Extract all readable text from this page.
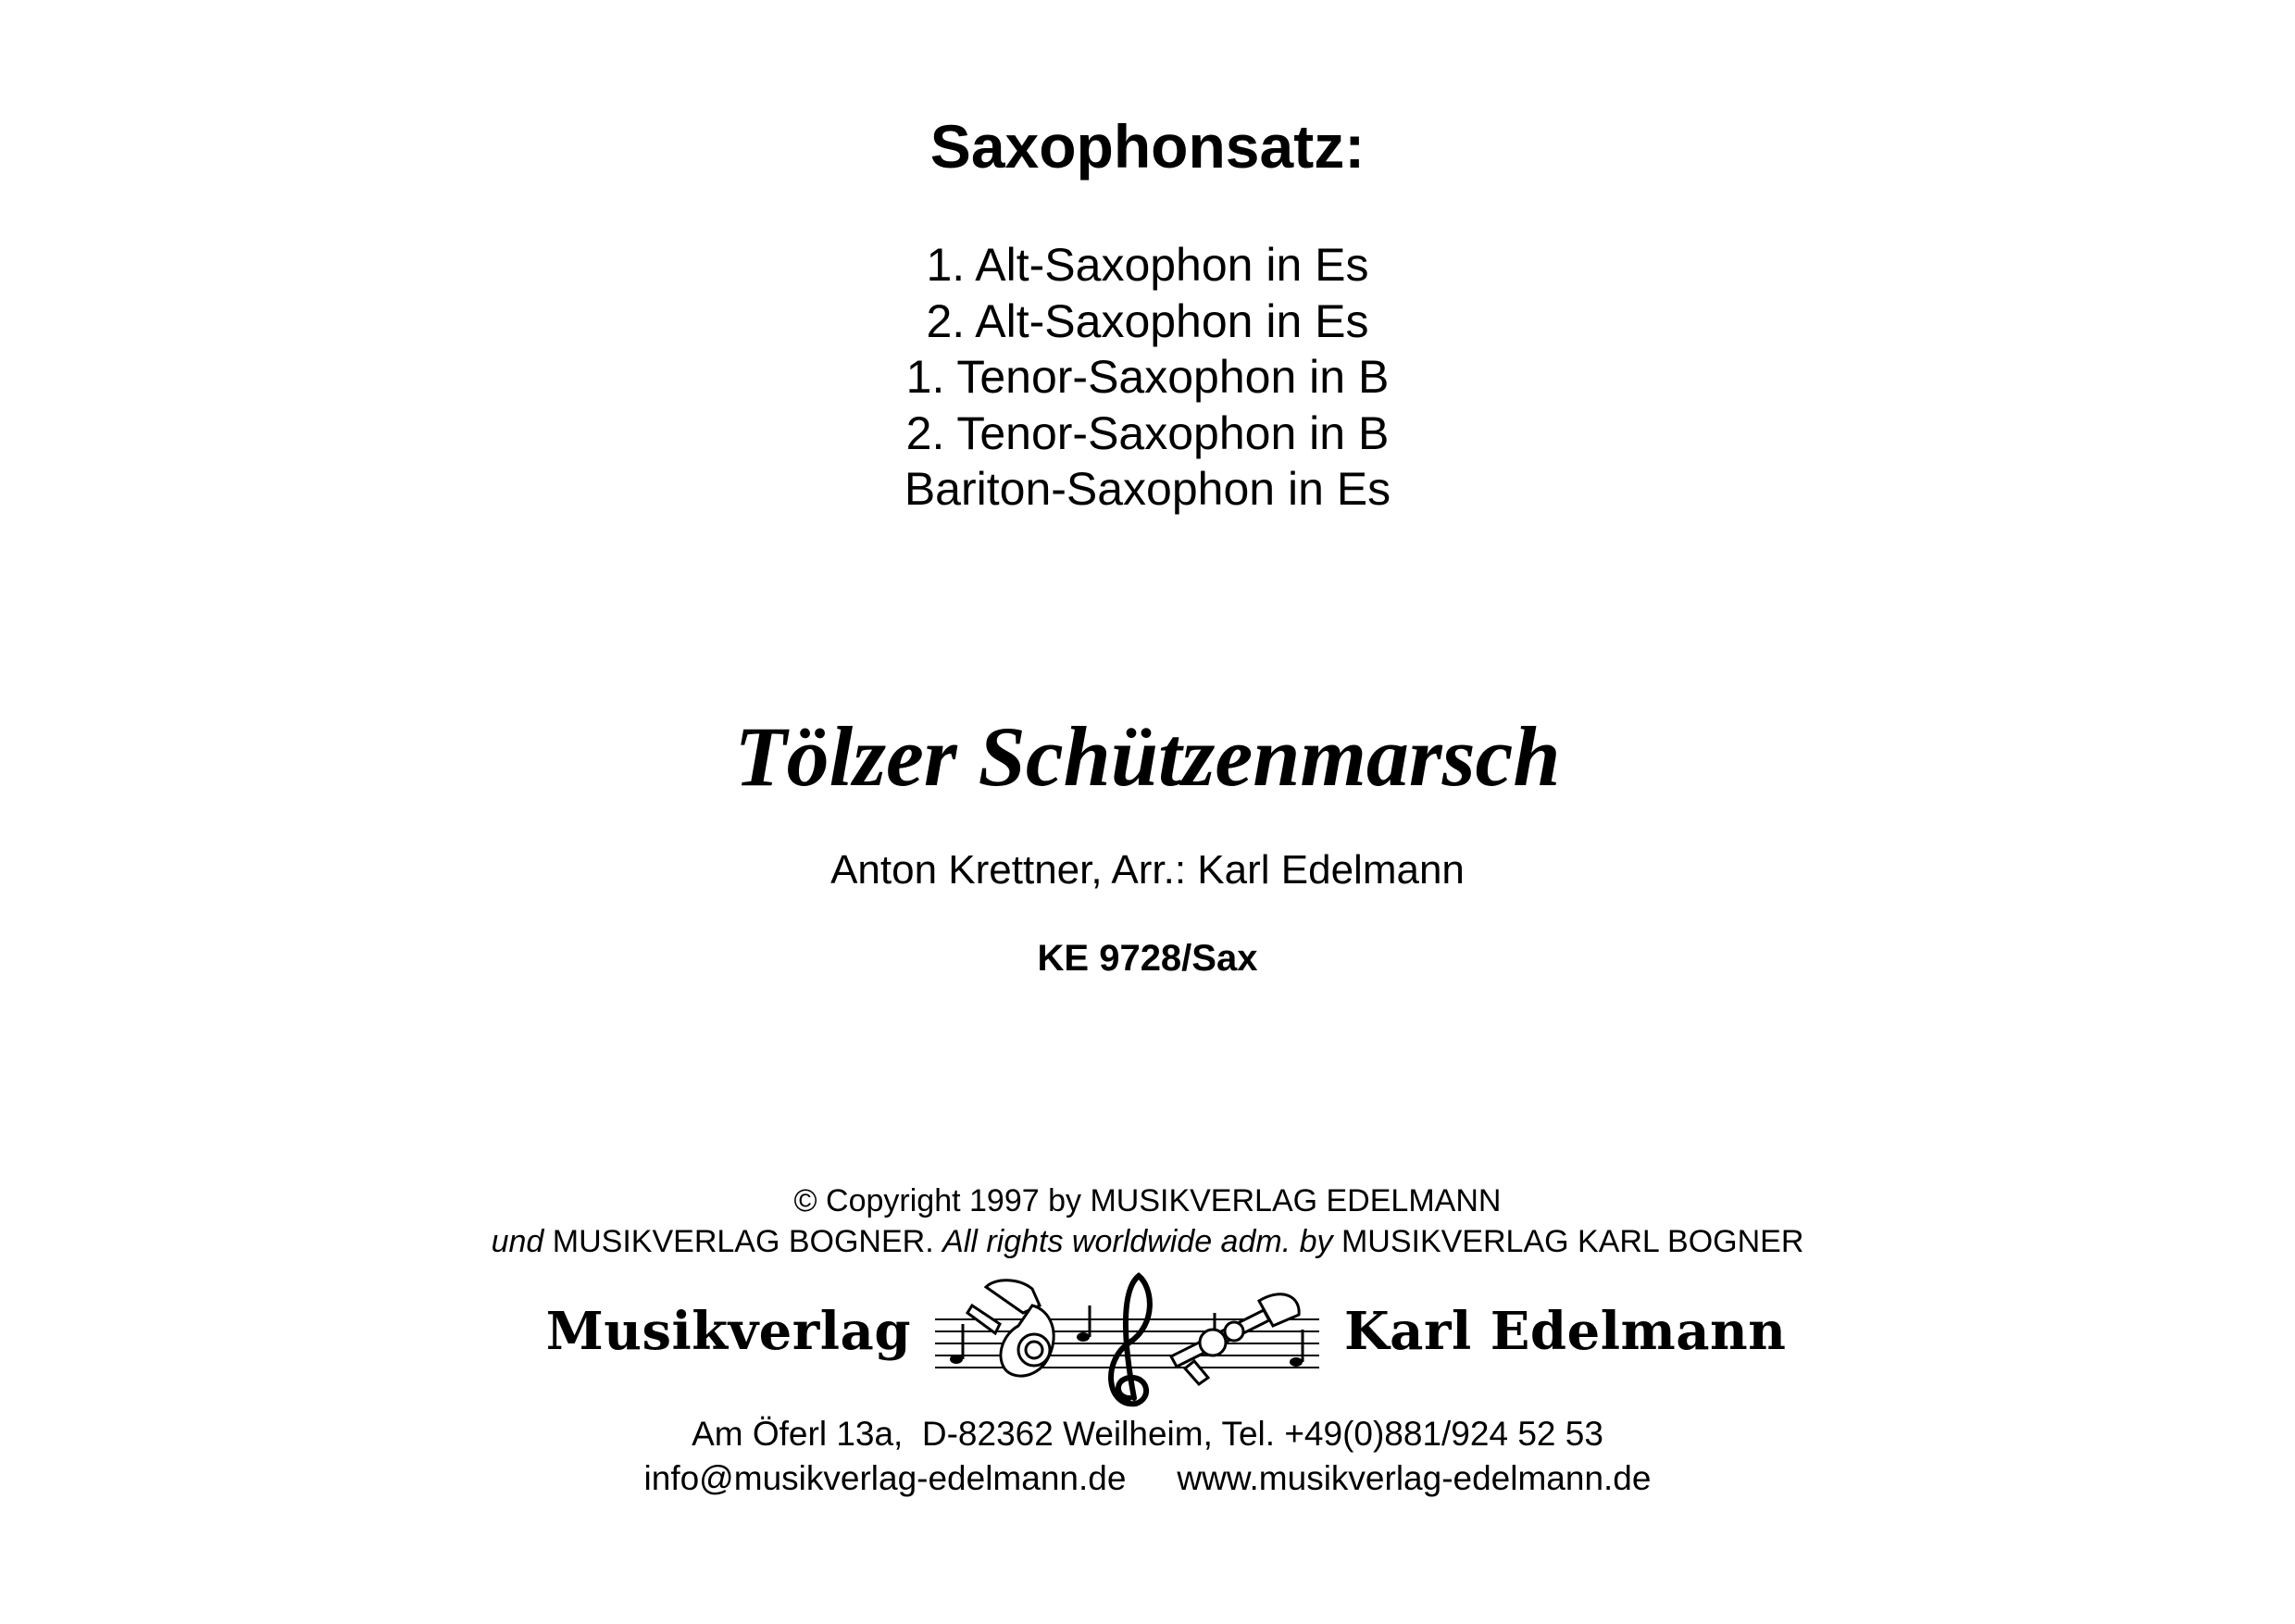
Saxophonsatz:
1. Alt-Saxophon in Es
2. Alt-Saxophon in Es
1. Tenor-Saxophon in B
2. Tenor-Saxophon in B
Bariton-Saxophon in Es
Tölzer Schützenmarsch
Anton Krettner, Arr.: Karl Edelmann
KE 9728/Sax
© Copyright 1997 by MUSIKVERLAG EDELMANN
und MUSIKVERLAG BOGNER. All rights worldwide adm. by MUSIKVERLAG KARL BOGNER
Musikverlag	Karl Edelmann
Am Öferl 13a,  D-82362 Weilheim, Tel. +49(0)881/924 52 53
info@musikverlag-edelmann.de www.musikverlag-edelmann.de
